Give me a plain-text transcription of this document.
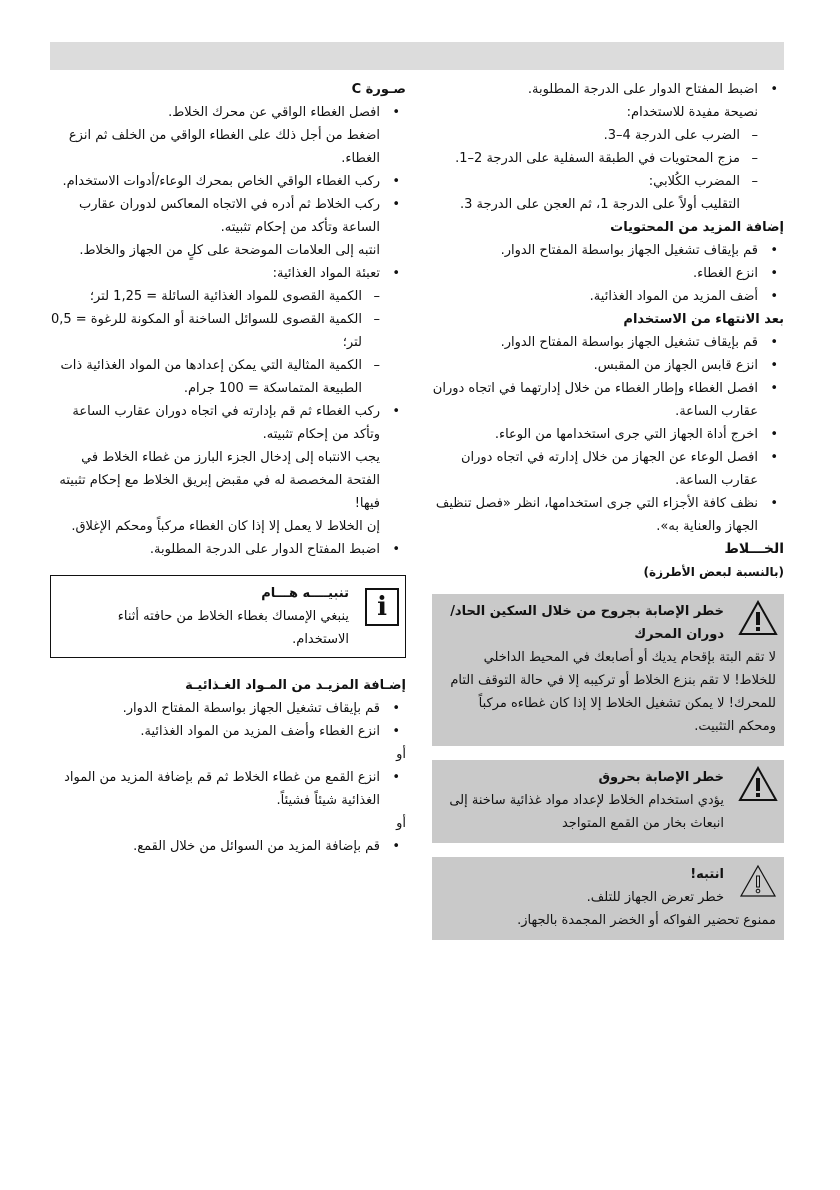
• اضبط المفتاح الدوار على الدرجة المطلوبة.

نصيحة مفيدة للاستخدام:

– الضرب على الدرجة 4–3.

– مزج المحتويات في الطبقة السفلية على الدرجة 2–1.

– المضرب الكُلابي:

التقليب أولاً على الدرجة 1، ثم العجن على الدرجة 3.

إضافة المزيد من المحتويات

• قم بإيقاف تشغيل الجهاز بواسطة المفتاح الدوار.

• انزع الغطاء.

• أضف المزيد من المواد الغذائية.

بعد الانتهاء من الاستخدام

• قم بإيقاف تشغيل الجهاز بواسطة المفتاح الدوار.

• انزع قابس الجهاز من المقبس.

• افصل الغطاء وإطار الغطاء من خلال إدارتهما في اتجاه دوران عقارب الساعة.

• اخرج أداة الجهاز التي جرى استخدامها من الوعاء.

• افصل الوعاء عن الجهاز من خلال إدارته في اتجاه دوران عقارب الساعة.

• نظف كافة الأجزاء التي جرى استخدامها، انظر «فصل تنظيف الجهاز والعناية به».

الخـــلاط

(بالنسبة لبعض الأطرزة)

خطر الإصابة بجروح من خلال السكين الحاد/دوران المحرك

لا تقم البتة بإقحام يديك أو أصابعك في المحيط الداخلي للخلاط! لا تقم بنزع الخلاط أو تركيبه إلا في حالة التوقف التام للمحرك! لا يمكن تشغيل الخلاط إلا إذا كان غطاءه مركباً ومحكم التثبيت.

خطر الإصابة بحروق

يؤدي استخدام الخلاط لإعداد مواد غذائية ساخنة إلى انبعاث بخار من القمع المتواجد

انتبه!

خطر تعرض الجهاز للتلف.

ممنوع تحضير الفواكه أو الخضر المجمدة بالجهاز.

صـورة C

• افصل الغطاء الواقي عن محرك الخلاط.

اضغط من أجل ذلك على الغطاء الواقي من الخلف ثم انزع الغطاء.

• ركب الغطاء الواقي الخاص بمحرك الوعاء/أدوات الاستخدام.

• ركب الخلاط ثم أدره في الاتجاه المعاكس لدوران عقارب الساعة وتأكد من إحكام تثبيته.

انتبه إلى العلامات الموضحة على كلٍ من الجهاز والخلاط.

• تعبئة المواد الغذائية:

– الكمية القصوى للمواد الغذائية السائلة = 1,25 لتر؛

– الكمية القصوى للسوائل الساخنة أو المكونة للرغوة = 0,5 لتر؛

– الكمية المثالية التي يمكن إعدادها من المواد الغذائية ذات الطبيعة المتماسكة = 100 جرام.

• ركب الغطاء ثم قم بإدارته في اتجاه دوران عقارب الساعة وتأكد من إحكام تثبيته.

يجب الانتباه إلى إدخال الجزء البارز من غطاء الخلاط في الفتحة المخصصة له في مقبض إبريق الخلاط مع إحكام تثبيته فيها!

إن الخلاط لا يعمل إلا إذا كان الغطاء مركباً ومحكم الإغلاق.

• اضبط المفتاح الدوار على الدرجة المطلوبة.

i

تنبيــــه هـــام

ينبغي الإمساك بغطاء الخلاط من حافته أثناء الاستخدام.

إضـافة المزيـد من المـواد الغـذائيـة

• قم بإيقاف تشغيل الجهاز بواسطة المفتاح الدوار.

• انزع الغطاء وأضف المزيد من المواد الغذائية.

أو

• انزع القمع من غطاء الخلاط ثم قم بإضافة المزيد من المواد الغذائية شيئاً فشيئاً.

أو

• قم بإضافة المزيد من السوائل من خلال القمع.
